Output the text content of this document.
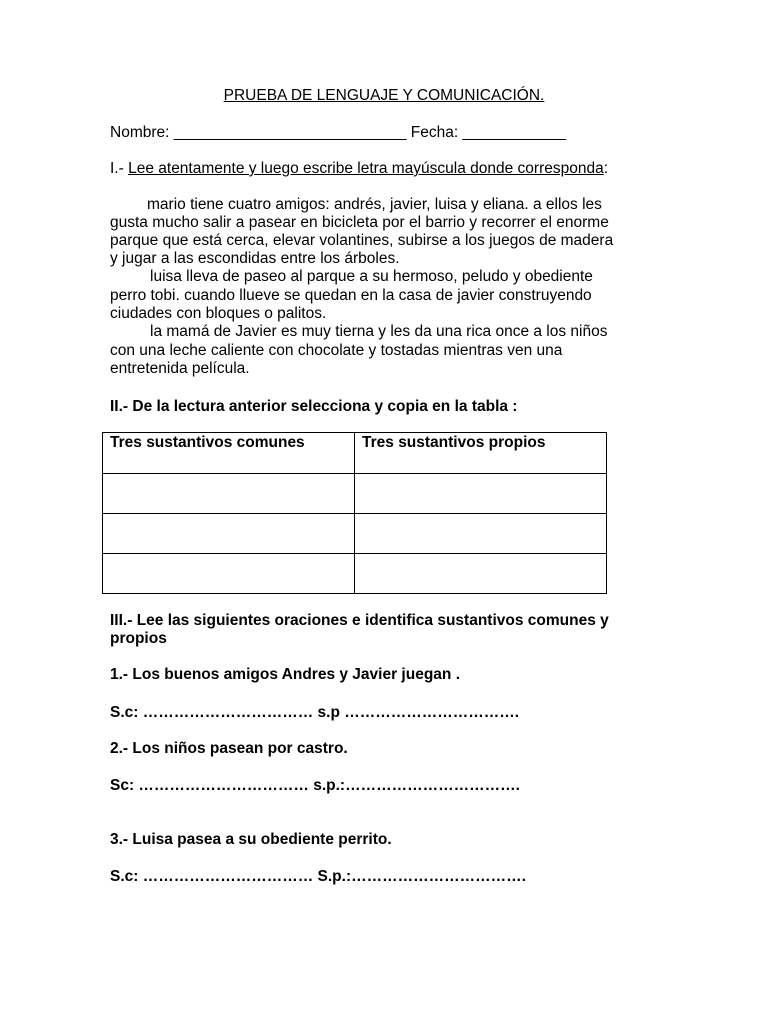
PRUEBA DE LENGUAJE Y COMUNICACIÓN.
Nombre: ___________________________ Fecha: ____________
I.- Lee atentamente y luego escribe letra mayúscula donde corresponda:
mario tiene cuatro amigos: andrés, javier, luisa y eliana. a ellos les
gusta mucho salir a pasear en bicicleta por el barrio y recorrer el enorme
parque que está cerca, elevar volantines, subirse a los juegos de madera
y jugar a las escondidas entre los árboles.
luisa lleva de paseo al parque a su hermoso, peludo y obediente
perro tobi. cuando llueve se quedan en la casa de javier construyendo
ciudades con bloques o palitos.
la mamá de Javier es muy tierna y les da una rica once a los niños
con una leche caliente con chocolate y tostadas mientras ven una
entretenida película.
II.- De la lectura anterior selecciona y copia en la tabla :
Tres sustantivos comunes	Tres sustantivos propios

III.- Lee las siguientes oraciones e identifica sustantivos comunes y
propios
1.- Los buenos amigos Andres y Javier juegan .
S.c: …………………………… s.p …………………………….
2.- Los niños pasean por castro.
Sc: …………………………… s.p.:…………………………….
3.- Luisa pasea a su obediente perrito.
S.c: …………………………… S.p.:…………………………….
